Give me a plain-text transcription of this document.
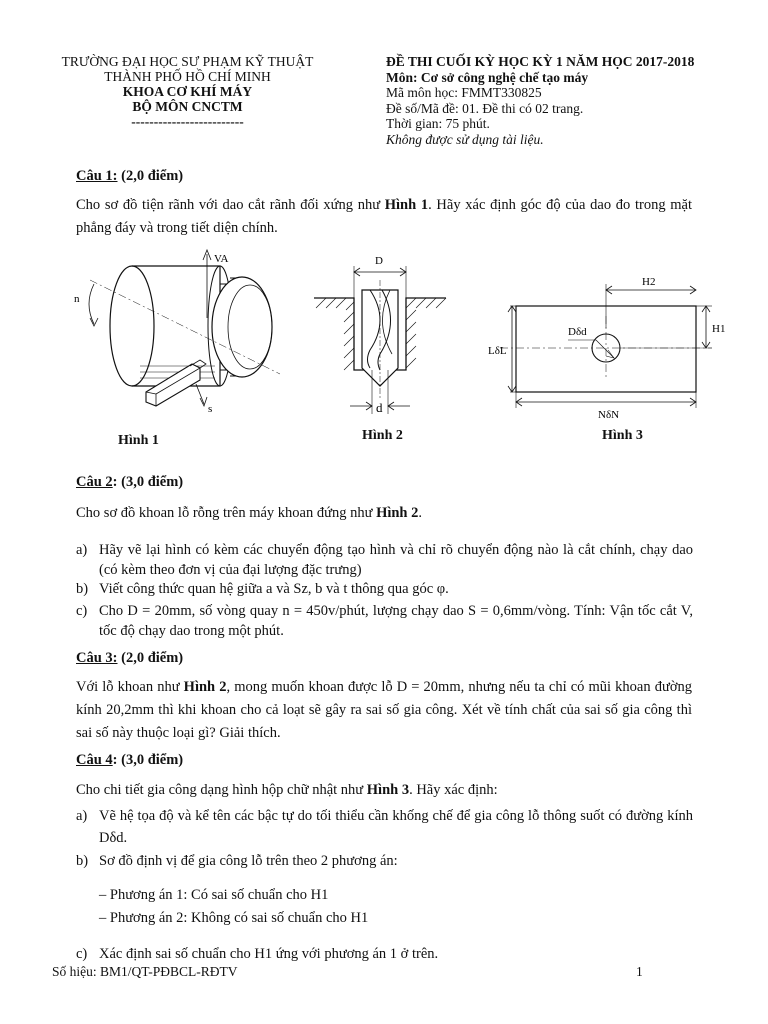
TRƯỜNG ĐẠI HỌC SƯ PHẠM KỸ THUẬT
THÀNH PHỐ HỒ CHÍ MINH
KHOA CƠ KHÍ MÁY
BỘ MÔN CNCTM
-------------------------
ĐỀ THI CUỐI KỲ HỌC KỲ 1 NĂM HỌC 2017-2018
Môn: Cơ sở công nghệ chế tạo máy
Mã môn học: FMMT330825
Đề số/Mã đề: 01. Đề thi có 02 trang.
Thời gian: 75 phút.
Không được sử dụng tài liệu.
Câu 1: (2,0 điểm)
Cho sơ đồ tiện rãnh với dao cắt rãnh đối xứng như Hình 1. Hãy xác định góc độ của dao đo trong mặt phẳng đáy và trong tiết diện chính.
VA
n
s
Hình 1
D
d
Hình 2
H2
Dδd	H1
LδL
NδN
Hình 3
Câu 2: (3,0 điểm)
Cho sơ đồ khoan lỗ rỗng trên máy khoan đứng như Hình 2.
a) Hãy vẽ lại hình có kèm các chuyển động tạo hình và chỉ rõ chuyển động nào là cắt chính, chạy dao (có kèm theo đơn vị của đại lượng đặc trưng)
b) Viết công thức quan hệ giữa a và Sz, b và t thông qua góc φ.
c) Cho D = 20mm, số vòng quay n = 450v/phút, lượng chạy dao S = 0,6mm/vòng. Tính: Vận tốc cắt V, tốc độ chạy dao trong một phút.
Câu 3: (2,0 điểm)
Với lỗ khoan như Hình 2, mong muốn khoan được lỗ D = 20mm, nhưng nếu ta chỉ có mũi khoan đường kính 20,2mm thì khi khoan cho cả loạt sẽ gây ra sai số gia công. Xét về tính chất của sai số gia công thì sai số này thuộc loại gì? Giải thích.
Câu 4: (3,0 điểm)
Cho chi tiết gia công dạng hình hộp chữ nhật như Hình 3. Hãy xác định:
a) Vẽ hệ tọa độ và kể tên các bậc tự do tối thiểu cần khống chế để gia công lỗ thông suốt có đường kính Dδd.
b) Sơ đồ định vị để gia công lỗ trên theo 2 phương án:
– Phương án 1: Có sai số chuẩn cho H1
– Phương án 2: Không có sai số chuẩn cho H1
c) Xác định sai số chuẩn cho H1 ứng với phương án 1 ở trên.
Số hiệu: BM1/QT-PĐBCL-RĐTV	1
